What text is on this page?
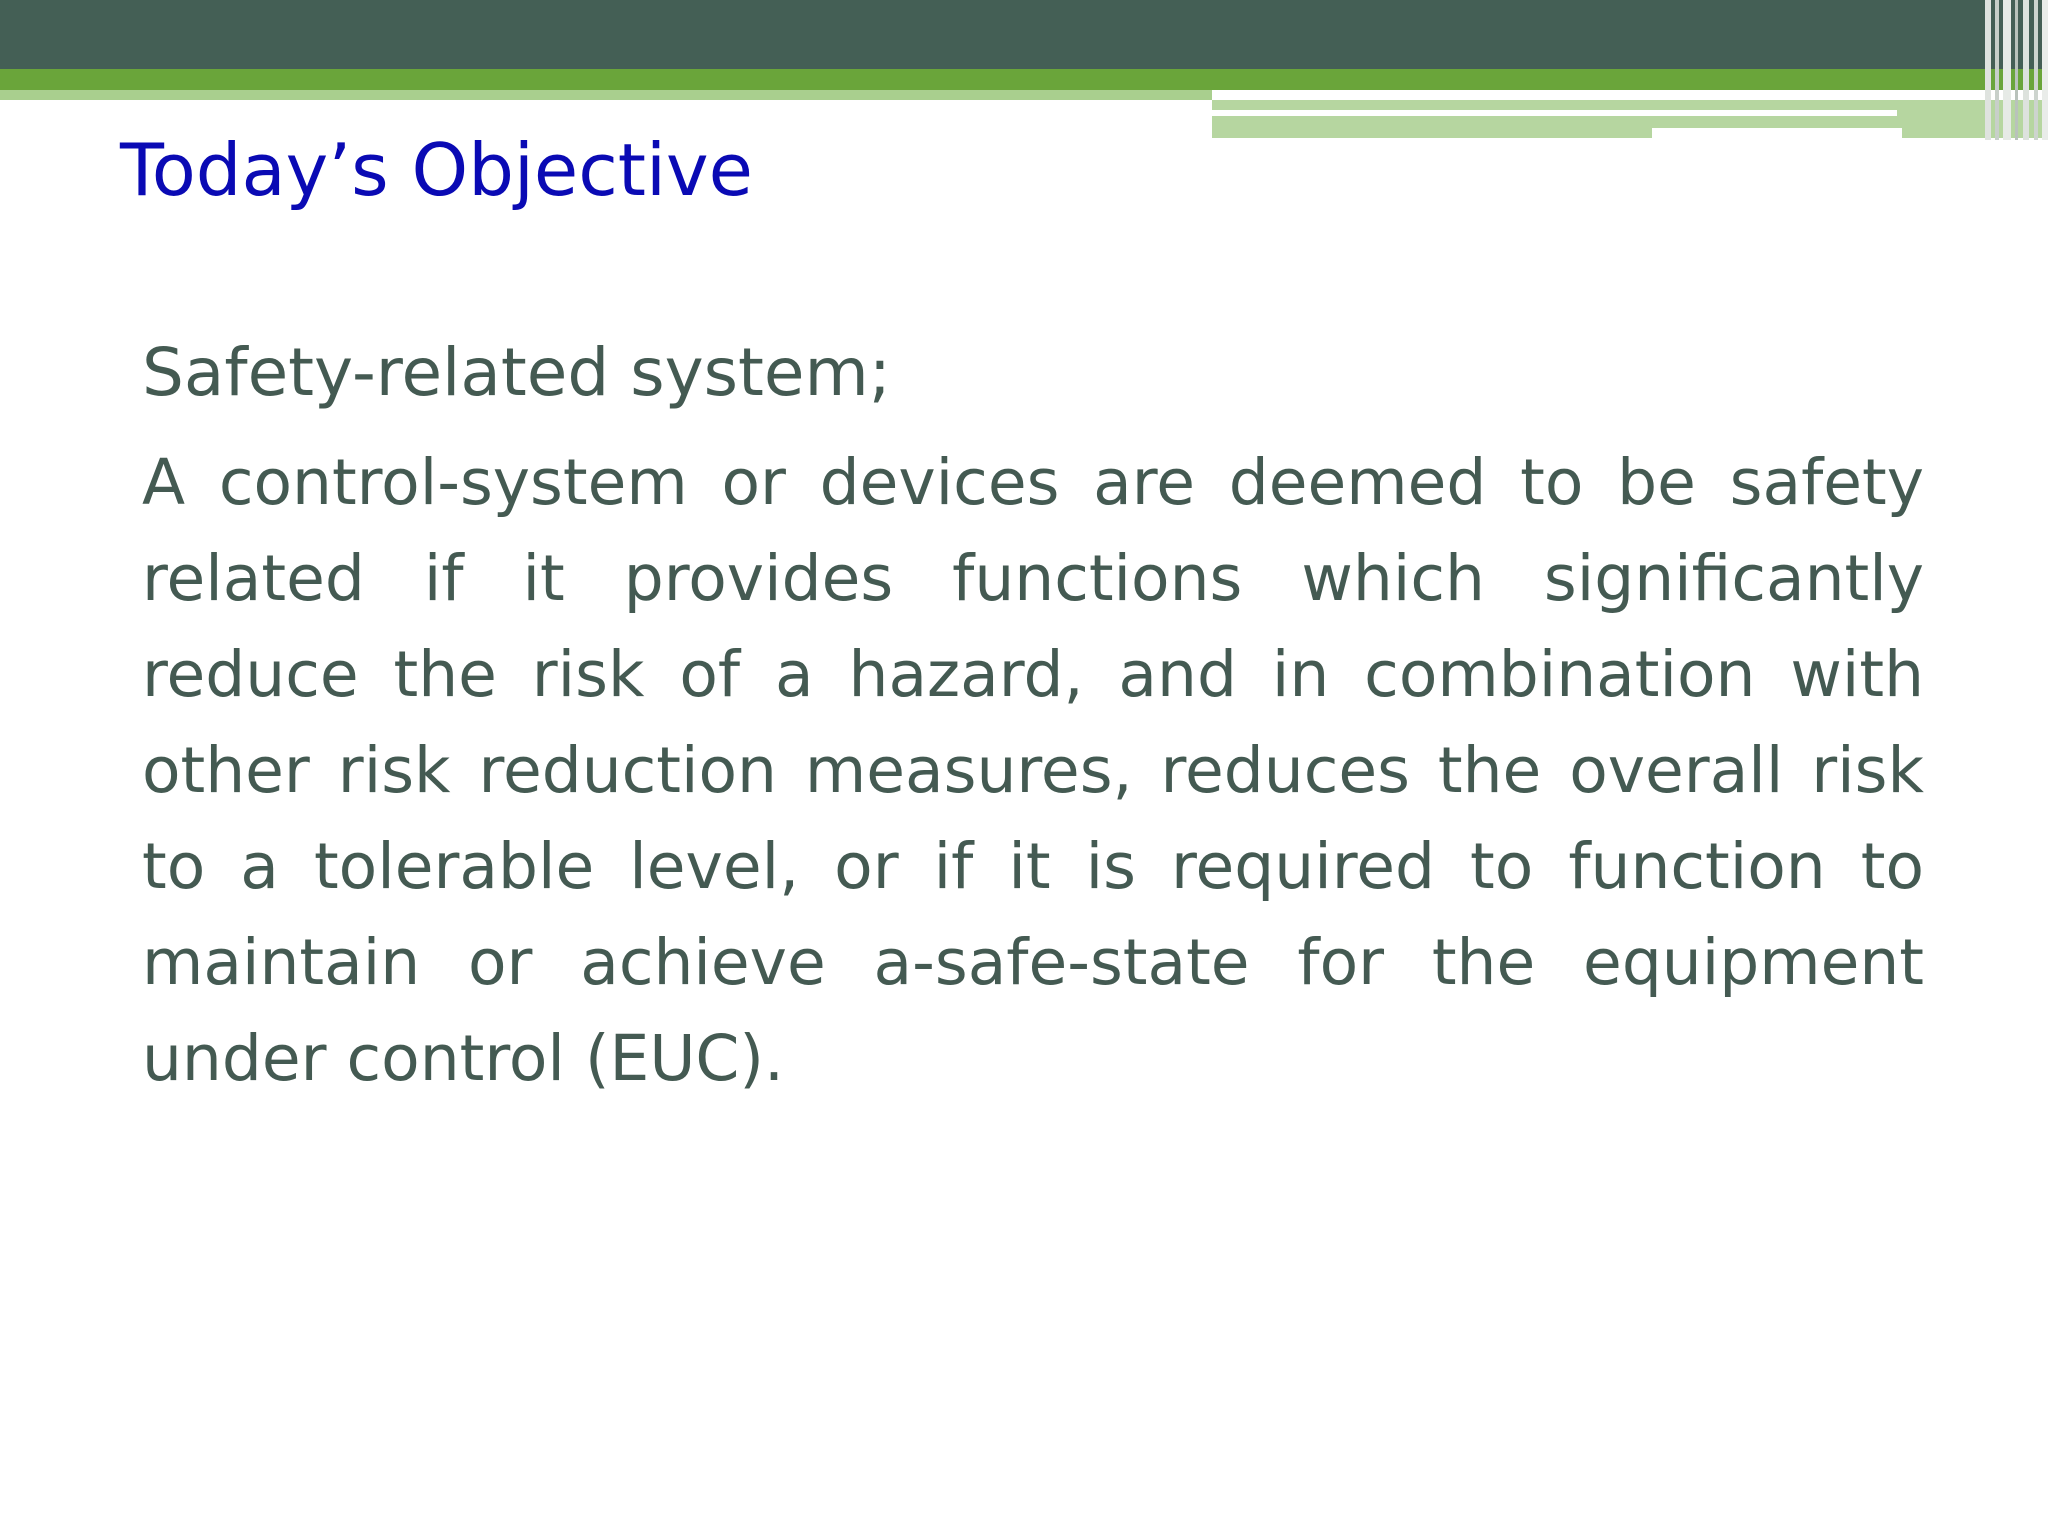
Today’s Objective

Safety-related system;

A control-system or devices are deemed to be safety related if it provides functions which significantly reduce the risk of a hazard, and in combination with other risk reduction measures, reduces the overall risk to a tolerable level, or if it is required to function to maintain or achieve a-safe-state for the equipment under control (EUC).
